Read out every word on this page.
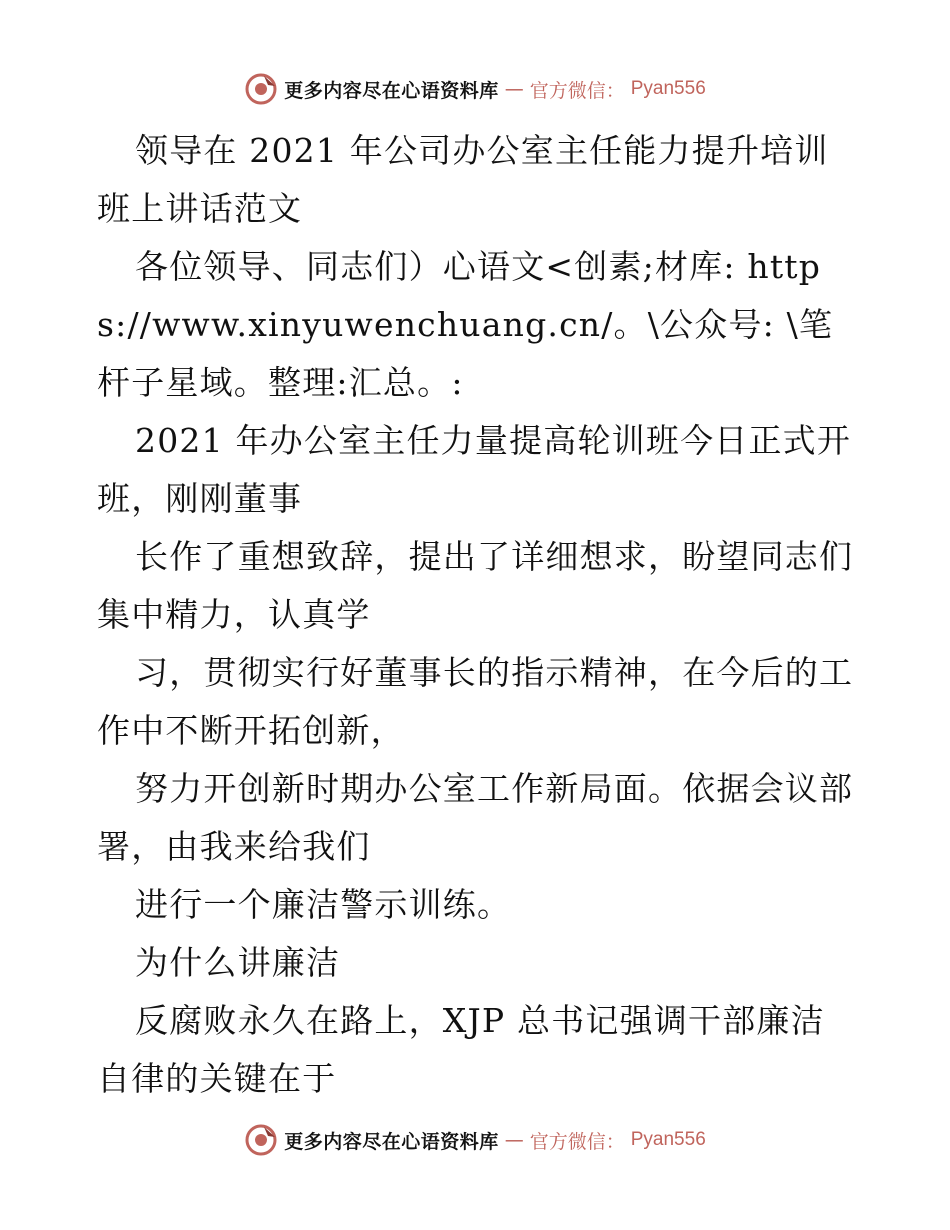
更多内容尽在心语资料库 — 官方微信： Pyan556

领导在 2021 年公司办公室主任能力提升培训班上讲话范文

各位领导、同志们）心语文<创素;材库: https://www.xinyuwenchuang.cn/。\公众号: \笔杆子星域。整理:汇总。:

2021 年办公室主任力量提高轮训班今日正式开班，刚刚董事

长作了重想致辞，提出了详细想求，盼望同志们集中精力，认真学

习，贯彻实行好董事长的指示精神，在今后的工作中不断开拓创新，

努力开创新时期办公室工作新局面。依据会议部署，由我来给我们

进行一个廉洁警示训练。

为什么讲廉洁

反腐败永久在路上，XJP 总书记强调干部廉洁自律的关键在于

更多内容尽在心语资料库 — 官方微信： Pyan556
